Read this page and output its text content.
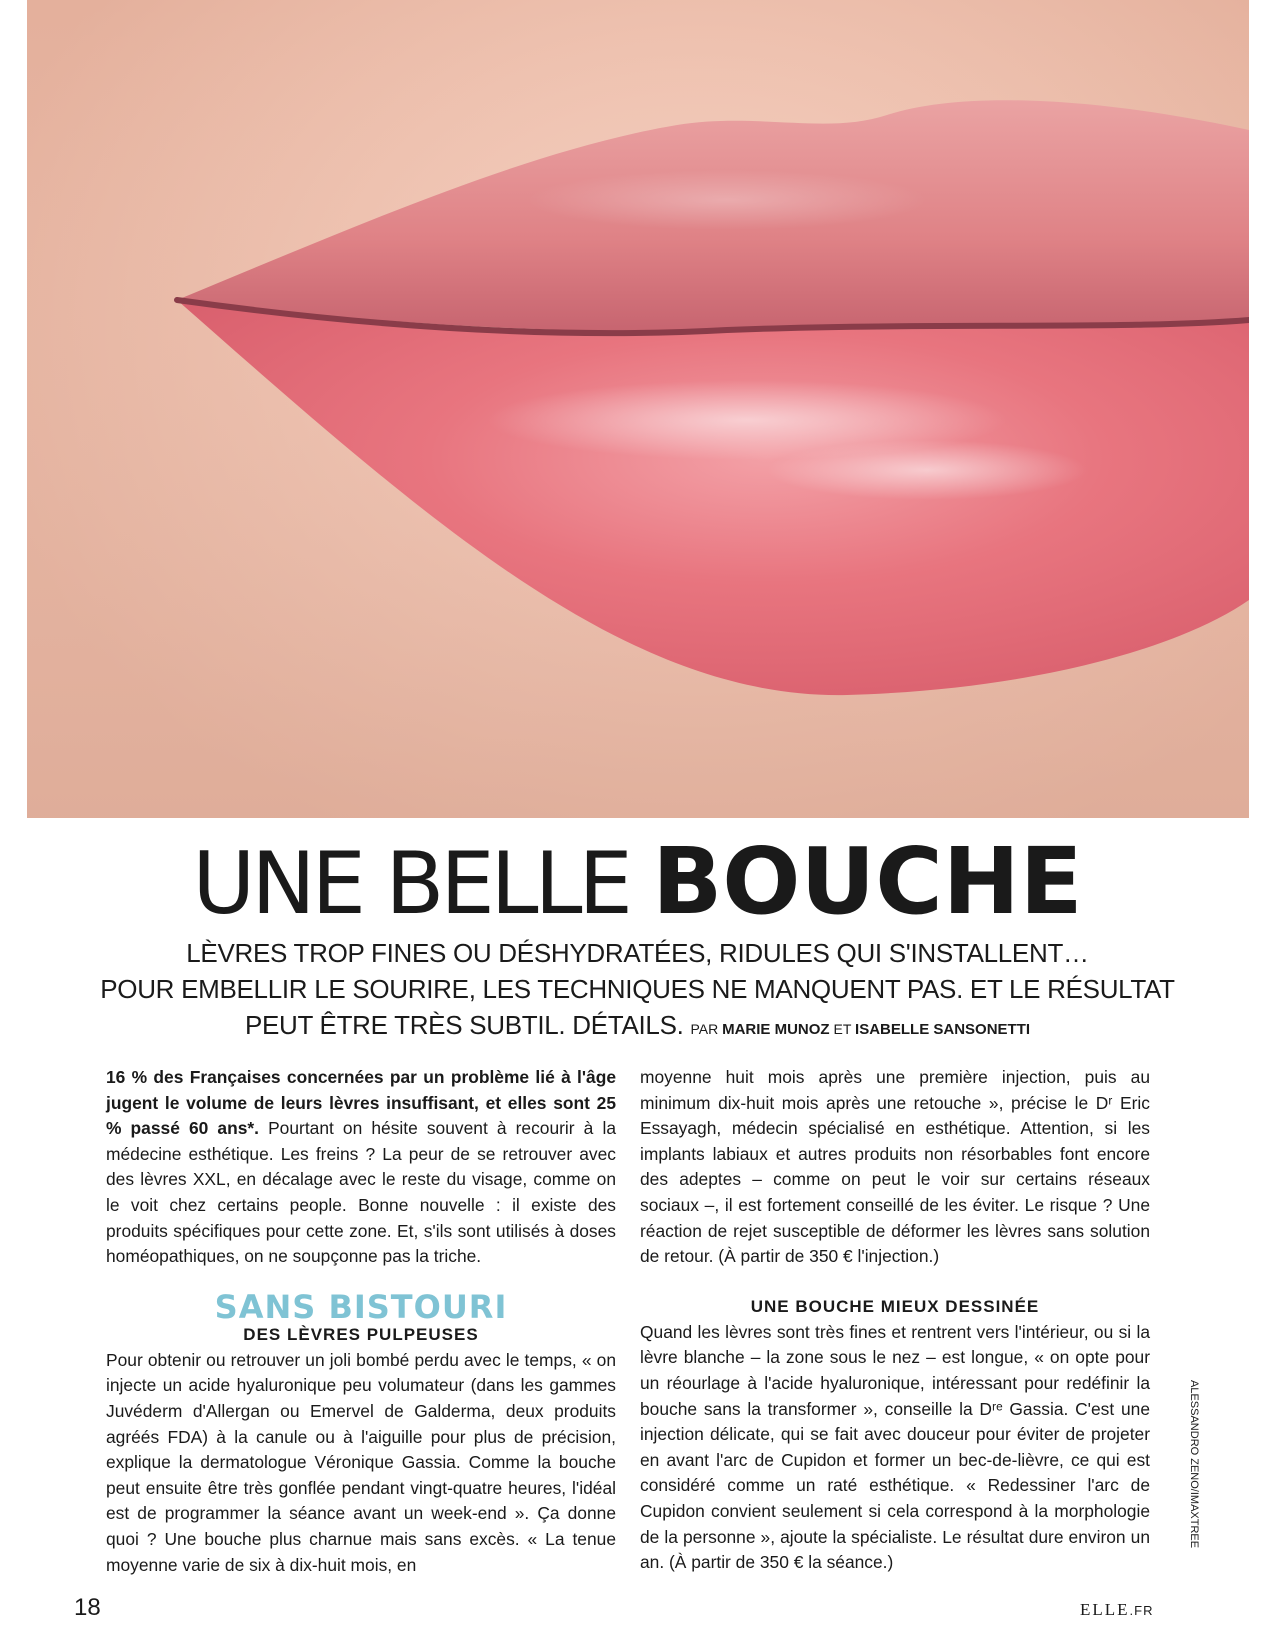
UNE BELLE BOUCHE
LÈVRES TROP FINES OU DÉSHYDRATÉES, RIDULES QUI S'INSTALLENT…
POUR EMBELLIR LE SOURIRE, LES TECHNIQUES NE MANQUENT PAS. ET LE RÉSULTAT
PEUT ÊTRE TRÈS SUBTIL. DÉTAILS. PAR MARIE MUNOZ ET ISABELLE SANSONETTI

16 % des Françaises concernées par un problème lié à l'âge jugent le volume de leurs lèvres insuffisant, et elles sont 25 % passé 60 ans*. Pourtant on hésite souvent à recourir à la médecine esthétique. Les freins ? La peur de se retrouver avec des lèvres XXL, en décalage avec le reste du visage, comme on le voit chez certains people. Bonne nouvelle : il existe des produits spécifiques pour cette zone. Et, s'ils sont utilisés à doses homéopathiques, on ne soupçonne pas la triche.

SANS BISTOURI
DES LÈVRES PULPEUSES

Pour obtenir ou retrouver un joli bombé perdu avec le temps, « on injecte un acide hyaluronique peu volumateur (dans les gammes Juvéderm d'Allergan ou Emervel de Galderma, deux produits agréés FDA) à la canule ou à l'aiguille pour plus de précision, explique la dermatologue Véronique Gassia. Comme la bouche peut ensuite être très gonflée pendant vingt-quatre heures, l'idéal est de programmer la séance avant un week-end ». Ça donne quoi ? Une bouche plus charnue mais sans excès. « La tenue moyenne varie de six à dix-huit mois, en

moyenne huit mois après une première injection, puis au minimum dix-huit mois après une retouche », précise le Dʳ Eric Essayagh, médecin spécialisé en esthétique. Attention, si les implants labiaux et autres produits non résorbables font encore des adeptes – comme on peut le voir sur certains réseaux sociaux –, il est fortement conseillé de les éviter. Le risque ? Une réaction de rejet susceptible de déformer les lèvres sans solution de retour. (À partir de 350 € l'injection.)

UNE BOUCHE MIEUX DESSINÉE

Quand les lèvres sont très fines et rentrent vers l'intérieur, ou si la lèvre blanche – la zone sous le nez – est longue, « on opte pour un réourlage à l'acide hyaluronique, intéressant pour redéfinir la bouche sans la transformer », conseille la Dʳᵉ Gassia. C'est une injection délicate, qui se fait avec douceur pour éviter de projeter en avant l'arc de Cupidon et former un bec-de-lièvre, ce qui est considéré comme un raté esthétique. « Redessiner l'arc de Cupidon convient seulement si cela correspond à la morphologie de la personne », ajoute la spécialiste. Le résultat dure environ un an. (À partir de 350 € la séance.)

ALESSANDRO ZENO/IMAXTREE
18	ELLE.FR
